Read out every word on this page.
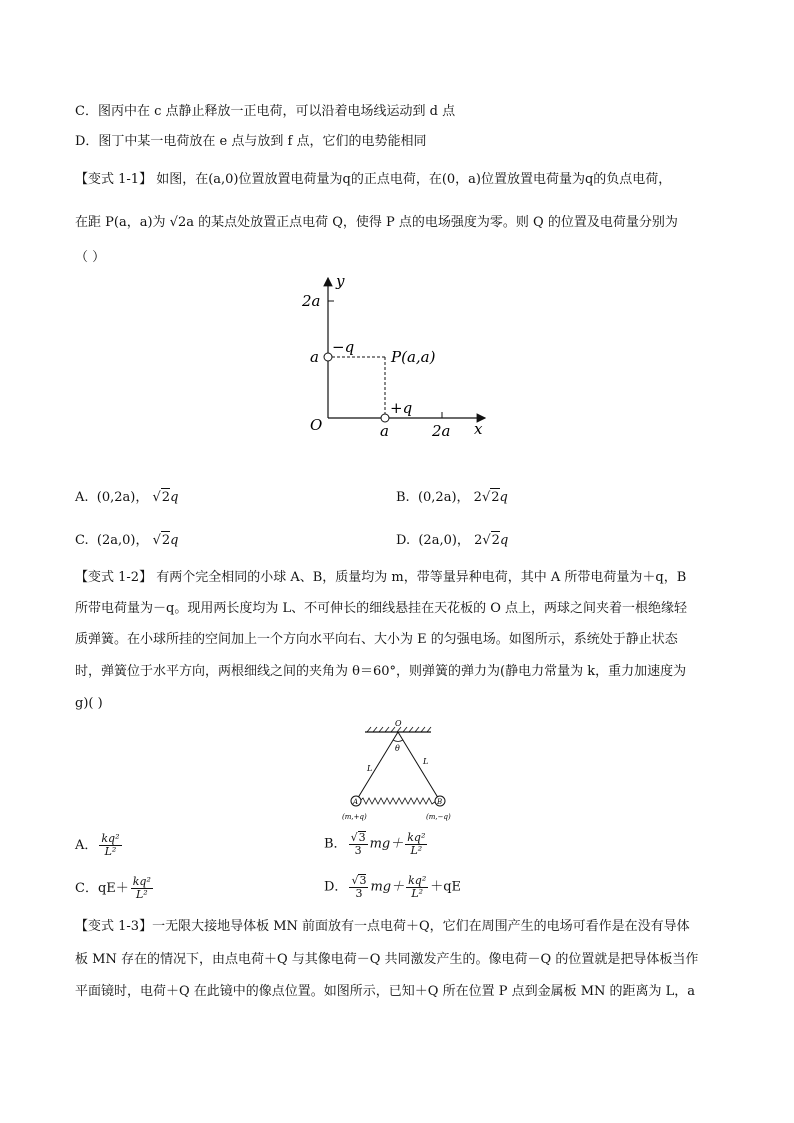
C．图丙中在 c 点静止释放一正电荷，可以沿着电场线运动到 d 点
D．图丁中某一电荷放在 e 点与放到 f 点，它们的电势能相同
【变式 1-1】 如图，在(a,0)位置放置电荷量为q的正点电荷，在(0，a)位置放置电荷量为q的负点电荷，
在距 P(a，a)为 √2a 的某点处放置正点电荷 Q，使得 P 点的电场强度为零。则 Q 的位置及电荷量分别为
（ ）
y
x
O
2a
a
a	2a
−q
+q
P(a,a)
A. (0,2a)， √2q	B. (0,2a)， 2√2q
C. (2a,0)， √2q	D. (2a,0)， 2√2q
【变式 1-2】 有两个完全相同的小球 A、B，质量均为 m，带等量异种电荷，其中 A 所带电荷量为＋q，B
所带电荷量为－q。现用两长度均为 L、不可伸长的细线悬挂在天花板的 O 点上，两球之间夹着一根绝缘轻
质弹簧。在小球所挂的空间加上一个方向水平向右、大小为 E 的匀强电场。如图所示，系统处于静止状态
时，弹簧位于水平方向，两根细线之间的夹角为 θ＝60°，则弹簧的弹力为(静电力常量为 k，重力加速度为
g)( )
O
θ
L
L
A	B
(m,+q)	(m,−q)
A． $\frac{\text{kq²}}{\text{L²}}$	B． $\frac{√3}{3} mg+ \frac{\text{kq²}}{\text{L²}}$
C．$qE+ \frac{\text{kq²}}{\text{L²}}$	D． $\frac{√3}{3} mg+ \frac{\text{kq²}}{\text{L²}} +qE$
【变式 1-3】一无限大接地导体板 MN 前面放有一点电荷＋Q，它们在周围产生的电场可看作是在没有导体
板 MN 存在的情况下，由点电荷＋Q 与其像电荷－Q 共同激发产生的。像电荷－Q 的位置就是把导体板当作
平面镜时，电荷＋Q 在此镜中的像点位置。如图所示，已知＋Q 所在位置 P 点到金属板 MN 的距离为 L，a
